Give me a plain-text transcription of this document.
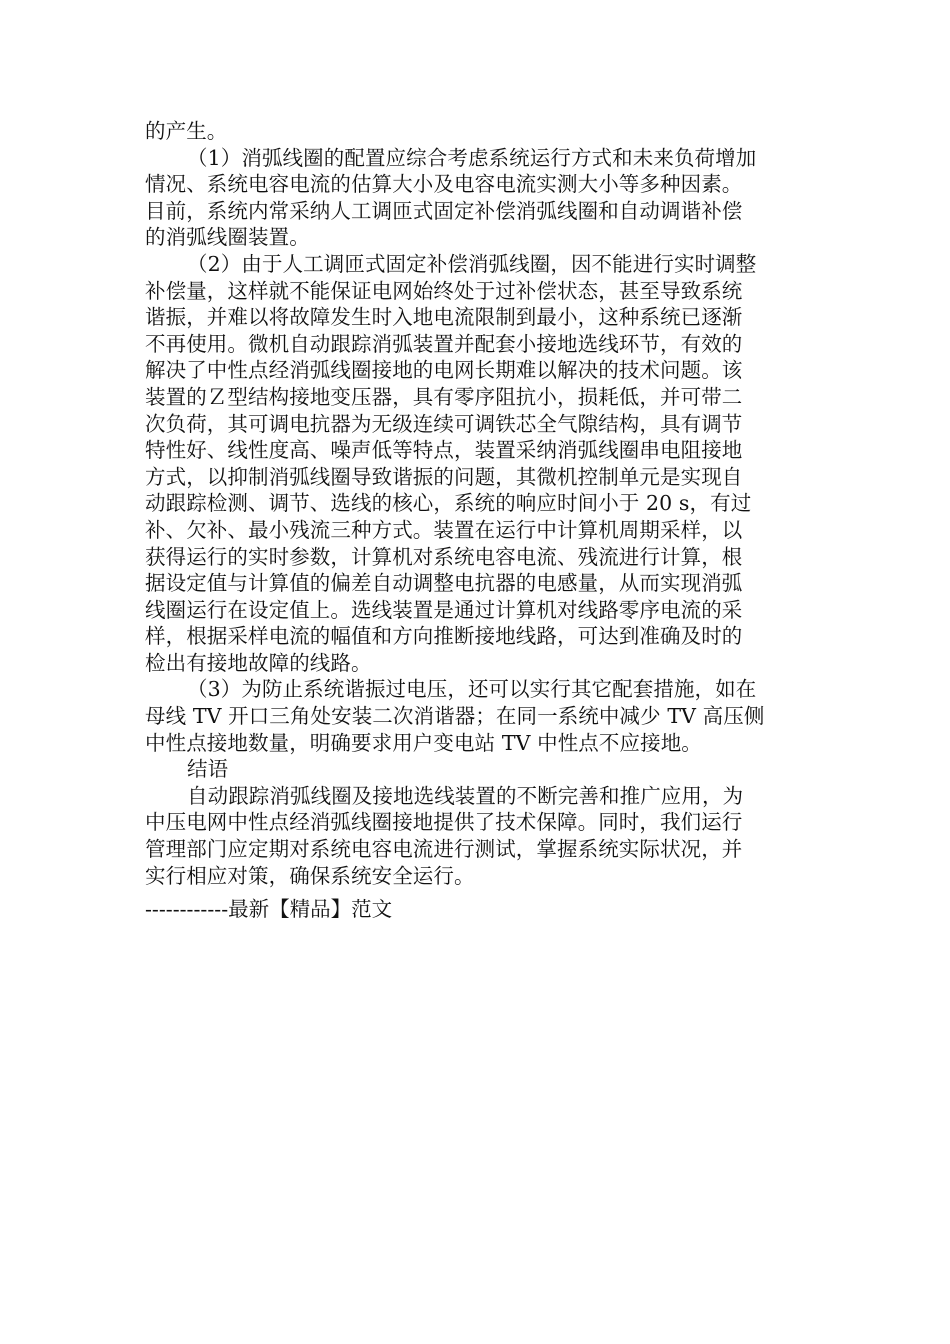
的产生。
（1）消弧线圈的配置应综合考虑系统运行方式和未来负荷增加
情况、系统电容电流的估算大小及电容电流实测大小等多种因素。
目前，系统内常采纳人工调匝式固定补偿消弧线圈和自动调谐补偿
的消弧线圈装置。
（2）由于人工调匝式固定补偿消弧线圈，因不能进行实时调整
补偿量，这样就不能保证电网始终处于过补偿状态，甚至导致系统
谐振，并难以将故障发生时入地电流限制到最小，这种系统已逐渐
不再使用。微机自动跟踪消弧装置并配套小接地选线环节，有效的
解决了中性点经消弧线圈接地的电网长期难以解决的技术问题。该
装置的Ｚ型结构接地变压器，具有零序阻抗小，损耗低，并可带二
次负荷，其可调电抗器为无级连续可调铁芯全气隙结构，具有调节
特性好、线性度高、噪声低等特点，装置采纳消弧线圈串电阻接地
方式，以抑制消弧线圈导致谐振的问题，其微机控制单元是实现自
动跟踪检测、调节、选线的核心，系统的响应时间小于 20 s，有过
补、欠补、最小残流三种方式。装置在运行中计算机周期采样，以
获得运行的实时参数，计算机对系统电容电流、残流进行计算，根
据设定值与计算值的偏差自动调整电抗器的电感量，从而实现消弧
线圈运行在设定值上。选线装置是通过计算机对线路零序电流的采
样，根据采样电流的幅值和方向推断接地线路，可达到准确及时的
检出有接地故障的线路。
（3）为防止系统谐振过电压，还可以实行其它配套措施，如在
母线 TV 开口三角处安装二次消谐器；在同一系统中减少 TV 高压侧
中性点接地数量，明确要求用户变电站 TV 中性点不应接地。
结语
自动跟踪消弧线圈及接地选线装置的不断完善和推广应用，为
中压电网中性点经消弧线圈接地提供了技术保障。同时，我们运行
管理部门应定期对系统电容电流进行测试，掌握系统实际状况，并
实行相应对策，确保系统安全运行。
------------最新【精品】范文
